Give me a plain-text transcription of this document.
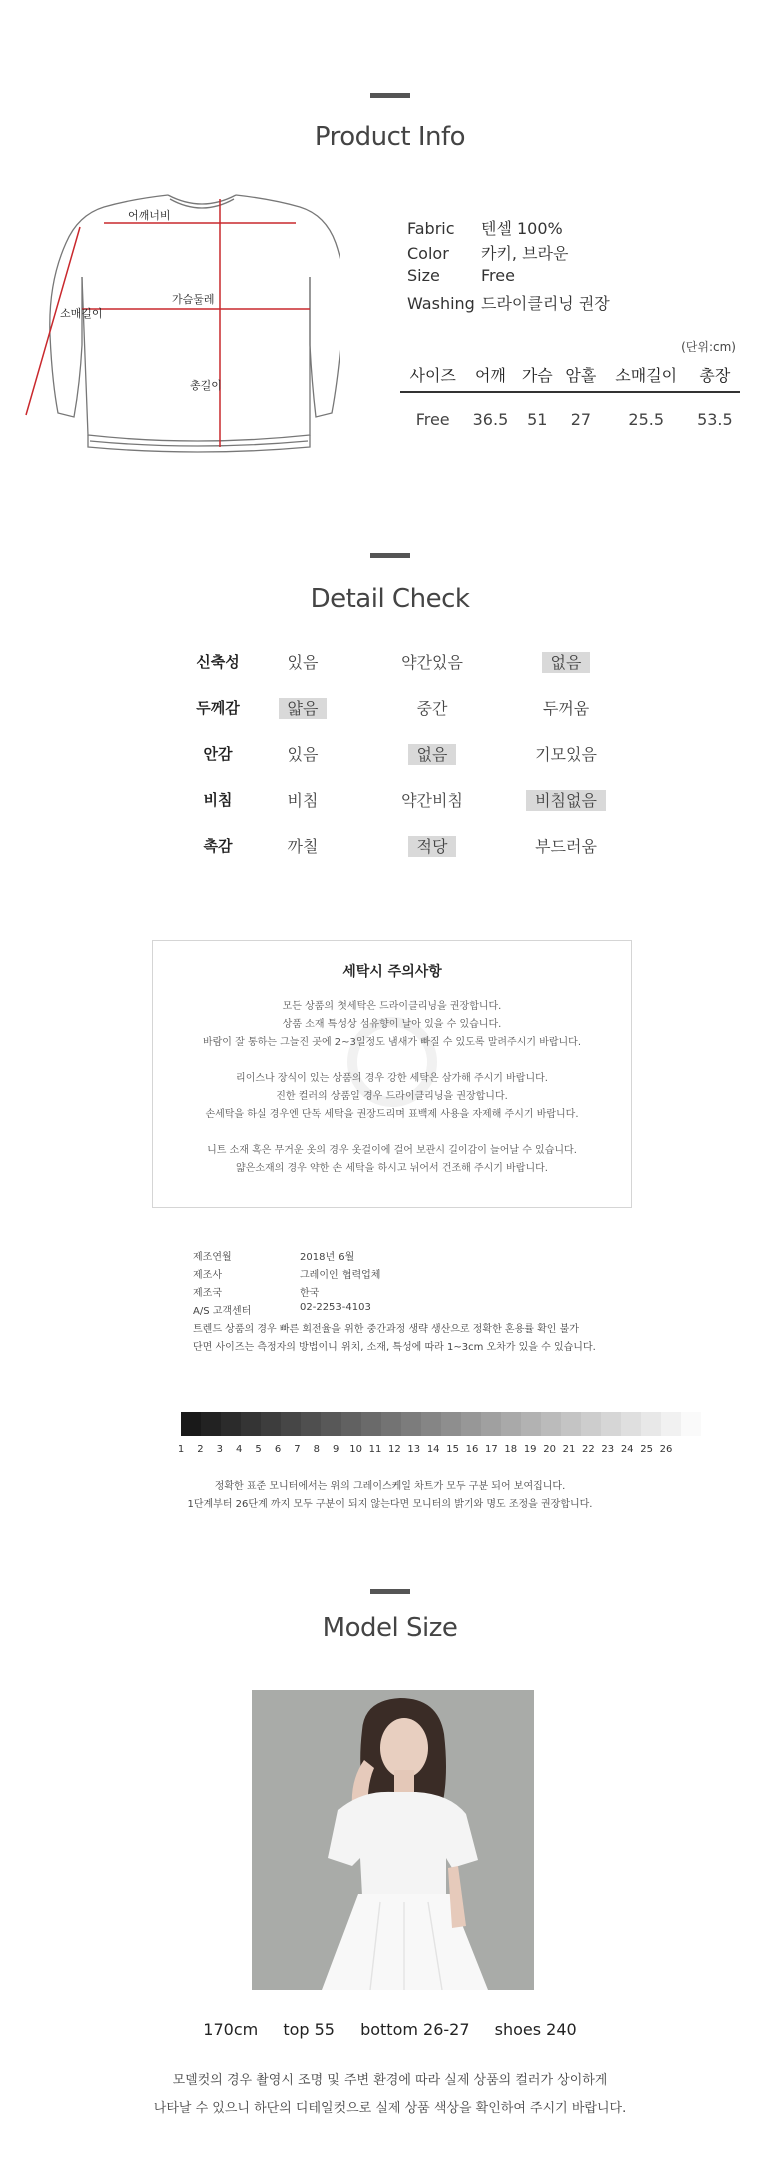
Product Info
어깨너비
가슴둘레
소매길이
총길이
Fabric 텐셀 100%
Color 카키, 브라운
Size	Free
Washing 드라이클리닝 권장
(단위:cm)
사이즈	어깨	가슴	암홀	소매길이	총장
Free	36.5	51	27	25.5	53.5
Detail Check
신축성	있음	약간있음	없음
두께감	얇음	중간	두꺼움
안감	있음	없음	기모있음
비침	비침	약간비침	비침없음
촉감	까칠	적당	부드러움
세탁시 주의사항
모든 상품의 첫세탁은 드라이클리닝을 권장합니다.
상품 소재 특성상 섬유향이 날아 있을 수 있습니다.
바람이 잘 통하는 그늘진 곳에 2~3일정도 냄새가 빠질 수 있도록 말려주시기 바랍니다.
리이스나 장식이 있는 상품의 경우 강한 세탁은 삼가해 주시기 바랍니다.
진한 컬러의 상품일 경우 드라이클리닝을 권장합니다.
손세탁을 하실 경우엔 단독 세탁을 권장드리며 표백제 사용을 자제해 주시기 바랍니다.
니트 소재 혹은 무거운 옷의 경우 옷걸이에 걸어 보관시 길이감이 늘어날 수 있습니다.
얇은소재의 경우 약한 손 세탁을 하시고 뉘어서 건조해 주시기 바랍니다.
제조연월	2018년 6월
제조사	그레이인 협력업체
제조국	한국
A/S 고객센터	02-2253-4103
트렌드 상품의 경우 빠른 회전율을 위한 중간과정 생략 생산으로 정확한 혼용률 확인 불가
단면 사이즈는 측정자의 방법이니 위치, 소재, 특성에 따라 1~3cm 오차가 있을 수 있습니다.
1	2	3	4	5	6	7	8	9 10 11 12 13 14 15 16 17 18 19 20 21 22 23 24 25 26
정확한 표준 모니터에서는 위의 그레이스케일 차트가 모두 구분 되어 보여집니다.
1단계부터 26단계 까지 모두 구분이 되지 않는다면 모니터의 밝기와 명도 조정을 권장합니다.
Model Size
170cm top 55 bottom 26-27 shoes 240
모델컷의 경우 촬영시 조명 및 주변 환경에 따라 실제 상품의 컬러가 상이하게
나타날 수 있으니 하단의 디테일컷으로 실제 상품 색상을 확인하여 주시기 바랍니다.
